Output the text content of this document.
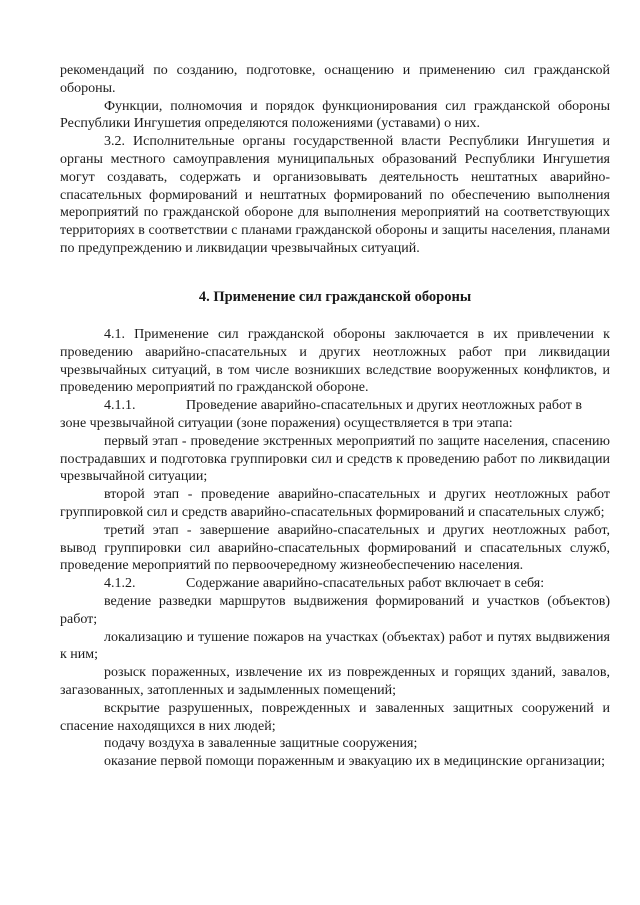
рекомендаций по созданию, подготовке, оснащению и применению сил гражданской обороны.

Функции, полномочия и порядок функционирования сил гражданской обороны Республики Ингушетия определяются положениями (уставами) о них.

3.2. Исполнительные органы государственной власти Республики Ингушетия и органы местного самоуправления муниципальных образований Республики Ингушетия могут создавать, содержать и организовывать деятельность нештатных аварийно-спасательных формирований и нештатных формирований по обеспечению выполнения мероприятий по гражданской обороне для выполнения мероприятий на соответствующих территориях в соответствии с планами гражданской обороны и защиты населения, планами по предупреждению и ликвидации чрезвычайных ситуаций.

4. Применение сил гражданской обороны

4.1. Применение сил гражданской обороны заключается в их привлечении к проведению аварийно-спасательных и других неотложных работ при ликвидации чрезвычайных ситуаций, в том числе возникших вследствие вооруженных конфликтов, и проведению мероприятий по гражданской обороне.

4.1.1.	Проведение аварийно-спасательных и других неотложных работ в

зоне чрезвычайной ситуации (зоне поражения) осуществляется в три этапа:

первый этап - проведение экстренных мероприятий по защите населения, спасению пострадавших и подготовка группировки сил и средств к проведению работ по ликвидации чрезвычайной ситуации;

второй этап - проведение аварийно-спасательных и других неотложных работ группировкой сил и средств аварийно-спасательных формирований и спасательных служб;

третий этап - завершение аварийно-спасательных и других неотложных работ, вывод группировки сил аварийно-спасательных формирований и спасательных служб, проведение мероприятий по первоочередному жизнеобеспечению населения.

4.1.2.	Содержание аварийно-спасательных работ включает в себя:

ведение разведки маршрутов выдвижения формирований и участков (объектов) работ;

локализацию и тушение пожаров на участках (объектах) работ и путях выдвижения к ним;

розыск пораженных, извлечение их из поврежденных и горящих зданий, завалов, загазованных, затопленных и задымленных помещений;

вскрытие разрушенных, поврежденных и заваленных защитных сооружений и спасение находящихся в них людей;

подачу воздуха в заваленные защитные сооружения;

оказание первой помощи пораженным и эвакуацию их в медицинские организации;
